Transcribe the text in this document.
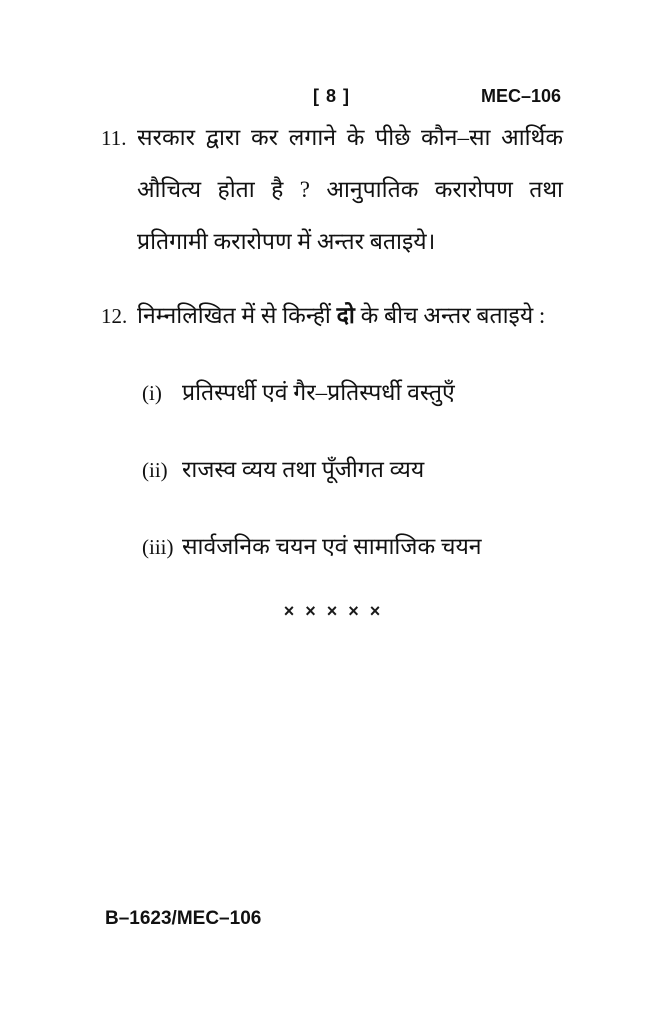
[ 8 ]	MEC–106
11. सरकार द्वारा कर लगाने के पीछे कौन–सा आर्थिक औचित्य होता है ? आनुपातिक करारोपण तथा प्रतिगामी करारोपण में अन्तर बताइये।

12. निम्नलिखित में से किन्हीं दो के बीच अन्तर बताइये :

(i) प्रतिस्पर्धी एवं गैर–प्रतिस्पर्धी वस्तुएँ

(ii) राजस्व व्यय तथा पूँजीगत व्यय

(iii) सार्वजनिक चयन एवं सामाजिक चयन

× × × × ×
B–1623/MEC–106
